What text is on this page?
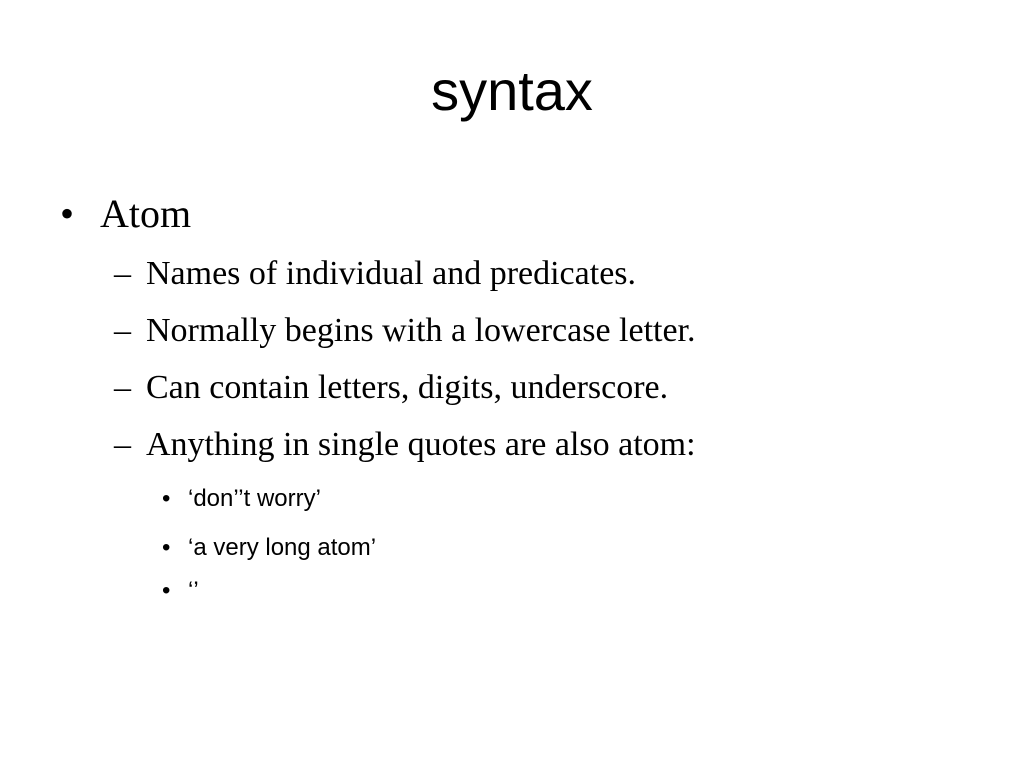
syntax
• Atom
– Names of individual and predicates.
– Normally begins with a lowercase letter.
– Can contain letters, digits, underscore.
– Anything in single quotes are also atom:
• ‘don’’t worry’
• ‘a very long atom’
• ‘’
